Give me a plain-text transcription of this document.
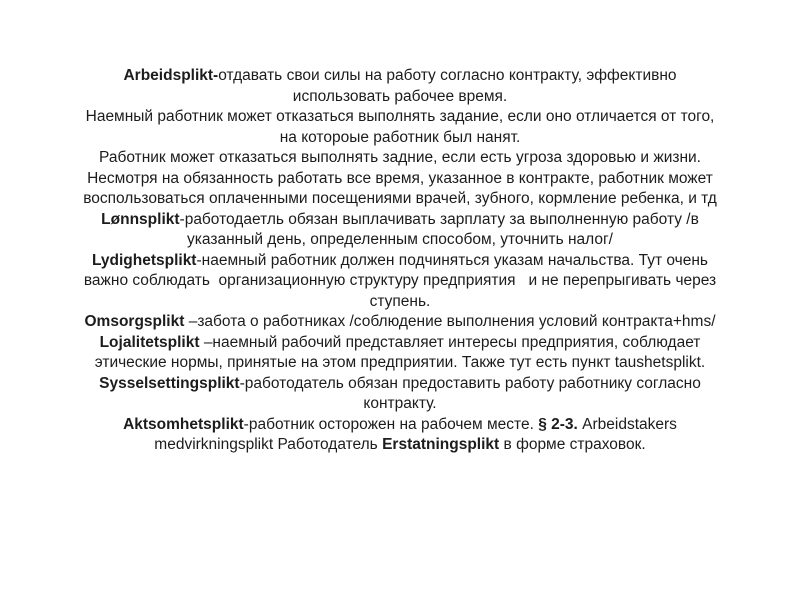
Arbeidsplikt-отдавать свои силы на работу согласно контракту, эффективно использовать рабочее время.

Наемный работник может отказаться выполнять задание, если оно отличается от того, на котороые работник был нанят.

Работник может отказаться выполнять задние, если есть угроза здоровью и жизни.

Несмотря на обязанность работать все время, указанное в контракте, работник может воспользоваться оплаченными посещениями врачей, зубного, кормление ребенка, и тд

Lønnsplikt-работодаетль обязан выплачивать зарплату за выполненную работу /в указанный день, определенным способом, уточнить налог/

Lydighetsplikt-наемный работник должен подчиняться указам начальства. Тут очень важно соблюдать  организационную структуру предприятия   и не перепрыгивать через ступень.

Omsorgsplikt –забота о работниках /соблюдение выполнения условий контракта+hms/

Lojalitetsplikt –наемный рабочий представляет интересы предприятия, соблюдает этические нормы, принятые на этом предприятии. Также тут есть пункт taushetsplikt.

Sysselsettingsplikt-работодатель обязан предоставить работу работнику согласно контракту.

Aktsomhetsplikt-работник осторожен на рабочем месте. § 2-3. Arbeidstakers medvirkningsplikt Работодатель Erstatningsplikt в форме страховок.
